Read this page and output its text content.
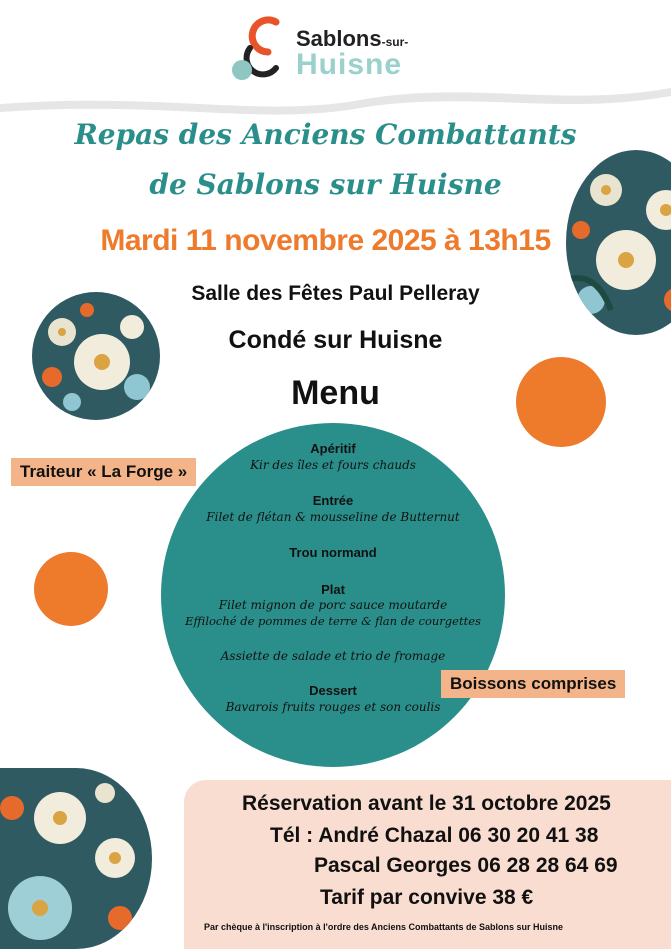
Sablons-sur-
Huisne
Repas des Anciens Combattants
de Sablons sur Huisne
Mardi 11 novembre 2025 à 13h15
Salle des Fêtes Paul Pelleray
Condé sur Huisne
Menu
Apéritif
Kir des îles et fours chauds
Entrée
Filet de flétan & mousseline de Butternut
Trou normand
Plat
Filet mignon de porc sauce moutarde
Effiloché de pommes de terre & flan de courgettes
Assiette de salade et trio de fromage
Dessert
Bavarois fruits rouges et son coulis
Traiteur « La Forge »
Boissons comprises
Réservation avant le 31 octobre 2025
Tél : André Chazal 06 30 20 41 38
Pascal Georges 06 28 28 64 69
Tarif par convive 38 €
Par chèque à l'inscription à l'ordre des Anciens Combattants de Sablons sur Huisne
